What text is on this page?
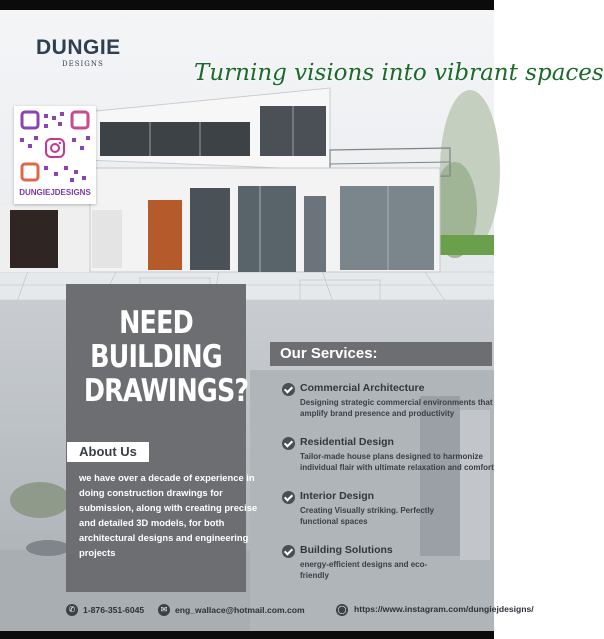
DUNGIE
DESIGNS	Turning visions into vibrant spaces
DUNGIEJDESIGNS
NEED BUILDING DRAWINGS?
About Us
we have over a decade of experience in doing construction drawings for submission, along with creating precise and detailed 3D models, for both architectural designs and engineering projects
Our Services:
Commercial Architecture
Designing strategic commercial environments that amplify brand presence and productivity
Residential Design
Tailor-made house plans designed to harmonize individual flair with ultimate relaxation and comfort
Interior Design
Creating Visually striking. Perfectly functional spaces
Building Solutions
energy-efficient designs and eco-friendly
✆ 1-876-351-6045	✉ eng_wallace@hotmail.com.com	◯ https://www.instagram.com/dungiejdesigns/
